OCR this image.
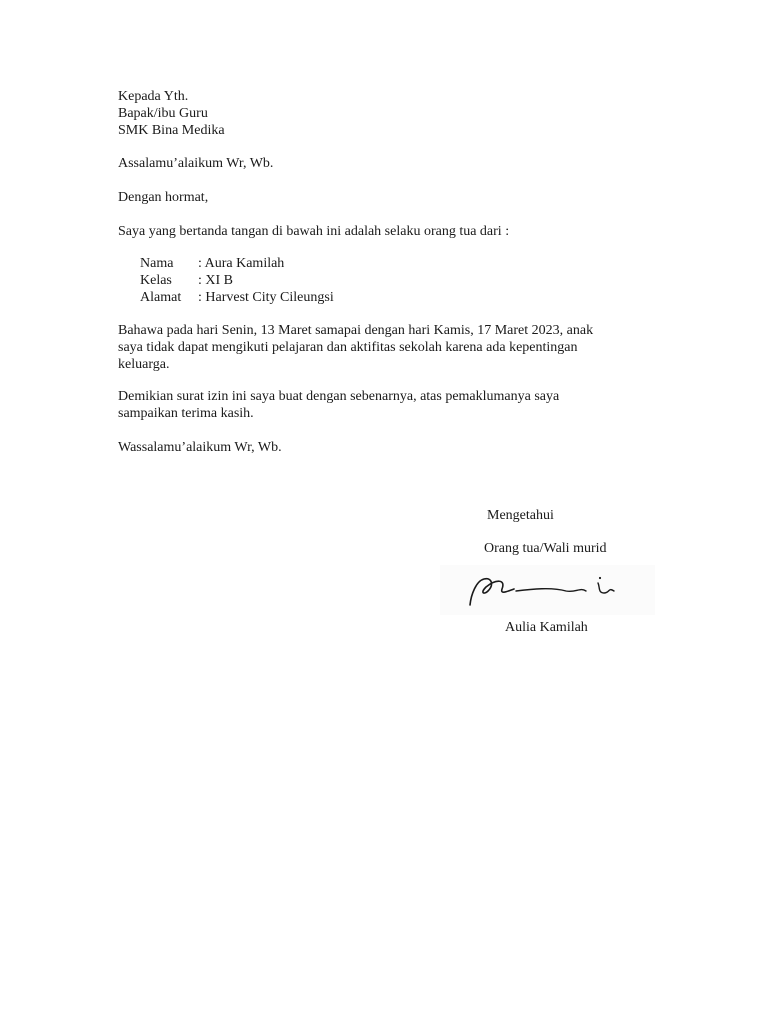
Kepada Yth.
Bapak/ibu Guru
SMK Bina Medika
Assalamu’alaikum Wr, Wb.
Dengan hormat,
Saya yang bertanda tangan di bawah ini adalah selaku orang tua dari :
Nama : Aura Kamilah
Kelas : XI B
Alamat : Harvest City Cileungsi
Bahawa pada hari Senin, 13 Maret samapai dengan hari Kamis, 17 Maret 2023, anak
saya tidak dapat mengikuti pelajaran dan aktifitas sekolah karena ada kepentingan
keluarga.
Demikian surat izin ini saya buat dengan sebenarnya, atas pemaklumanya saya
sampaikan terima kasih.
Wassalamu’alaikum Wr, Wb.
Mengetahui
Orang tua/Wali murid
Aulia Kamilah
